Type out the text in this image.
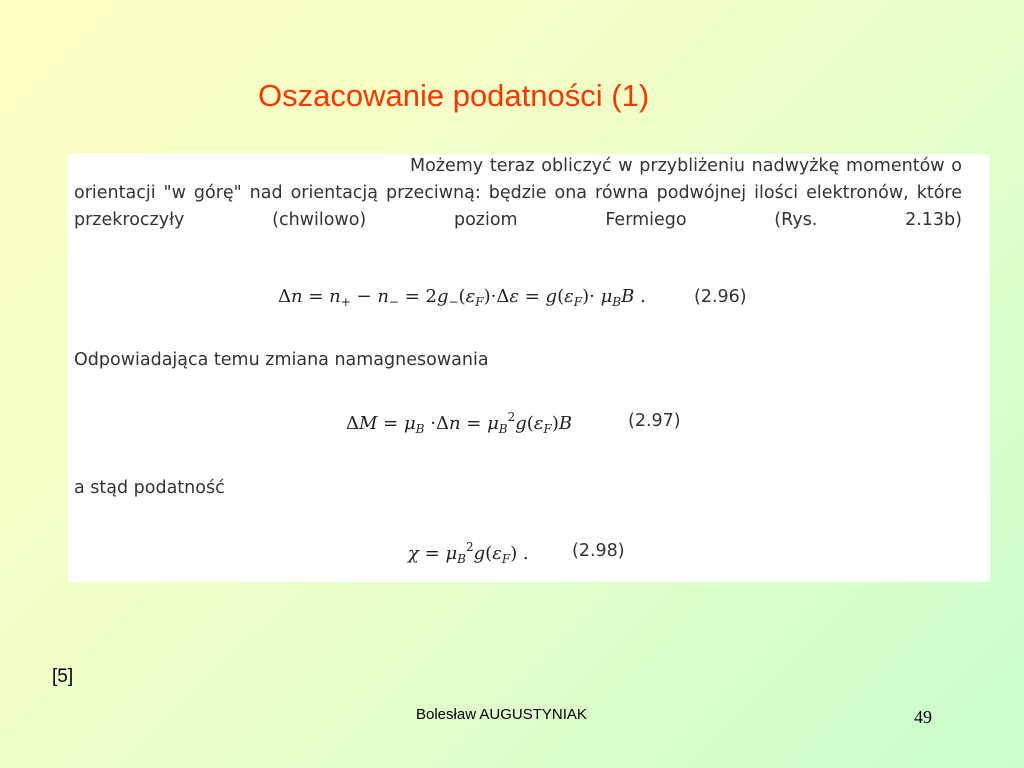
Oszacowanie podatności (1)
Możemy teraz obliczyć w przybliżeniu nadwyżkę momentów o orientacji "w górę" nad orientacją przeciwną: będzie ona równa podwójnej ilości elektronów, które przekroczyły (chwilowo) poziom Fermiego (Rys. 2.13b)
$\Delta n = n_+ - n_- = 2g_-(\varepsilon_F)\cdot\Delta\varepsilon = g(\varepsilon_F)\cdot \mu_BB$ .	(2.96)
Odpowiadająca temu zmiana namagnesowania
$\Delta M = \mu_B \cdot\Delta n = \mu_B^2g(\varepsilon_F)B$	(2.97)
a stąd podatność
$\chi = \mu_B^2g(\varepsilon_F)$ . (2.98)
[5]
Bolesław AUGUSTYNIAK	49
